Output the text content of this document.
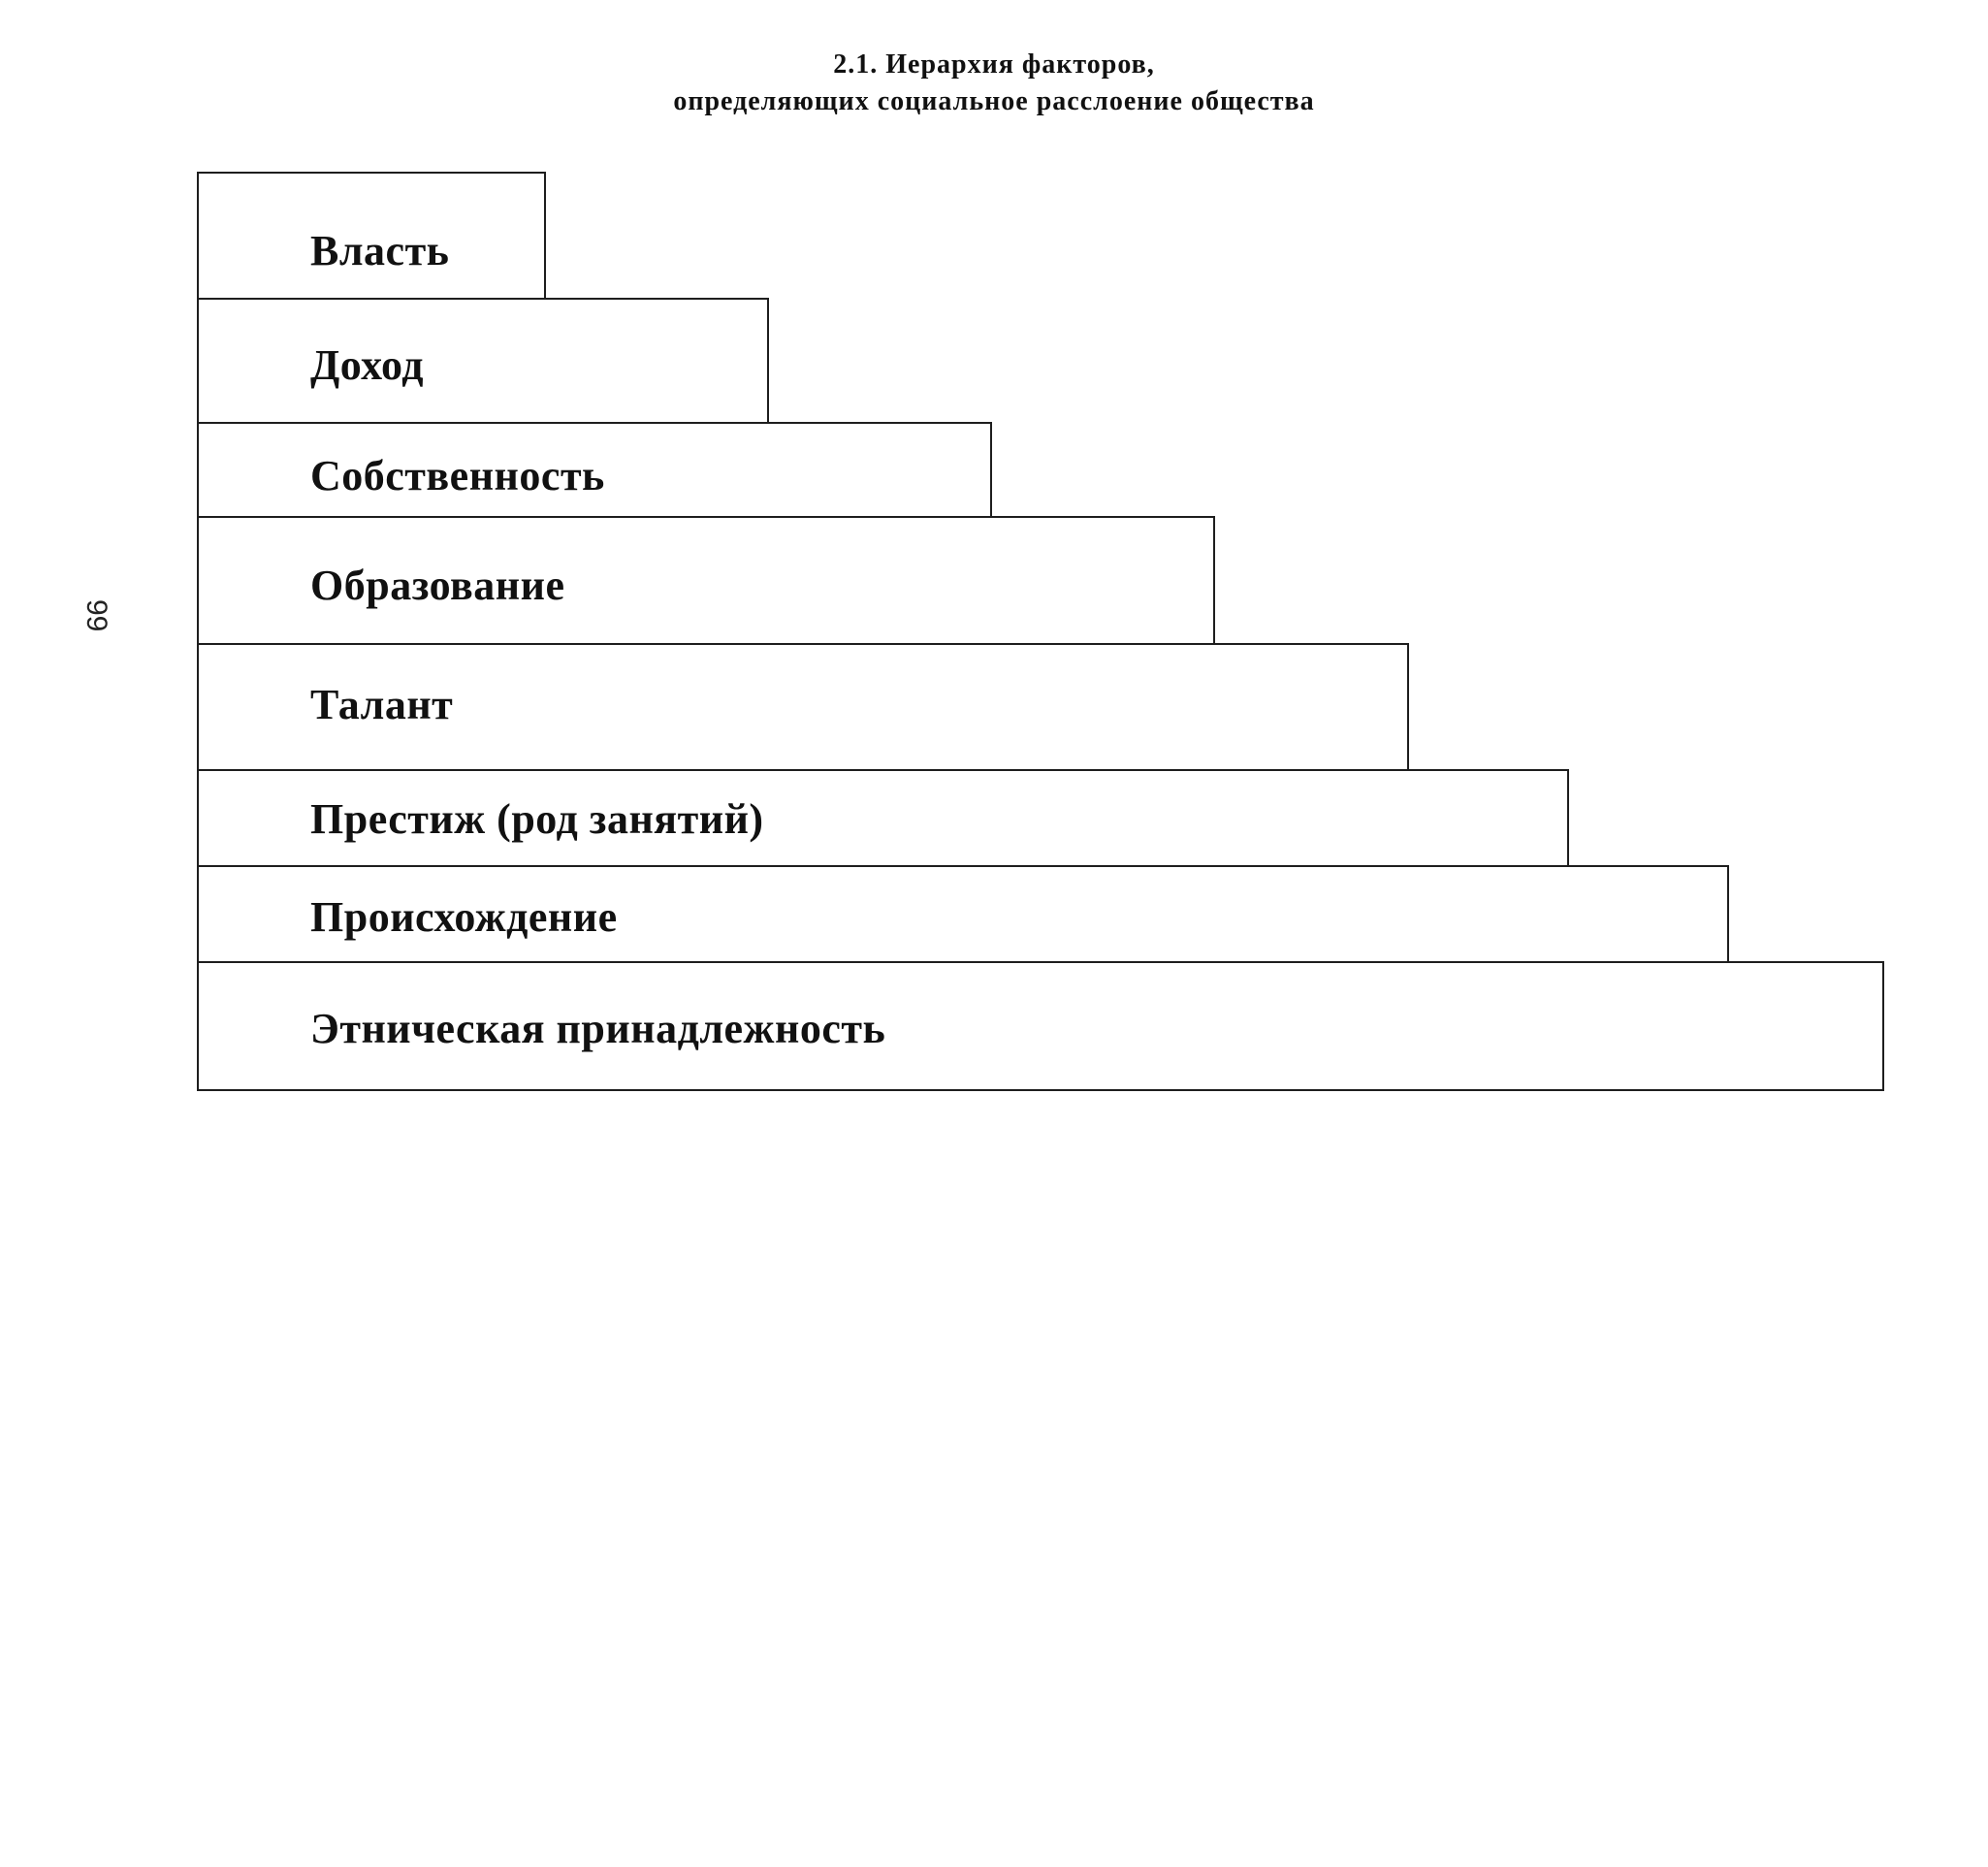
2.1. Иерархия факторов,
определяющих социальное расслоение общества
99
Власть
Доход
Собственность
Образование
Талант
Престиж (род занятий)
Происхождение
Этническая принадлежность
